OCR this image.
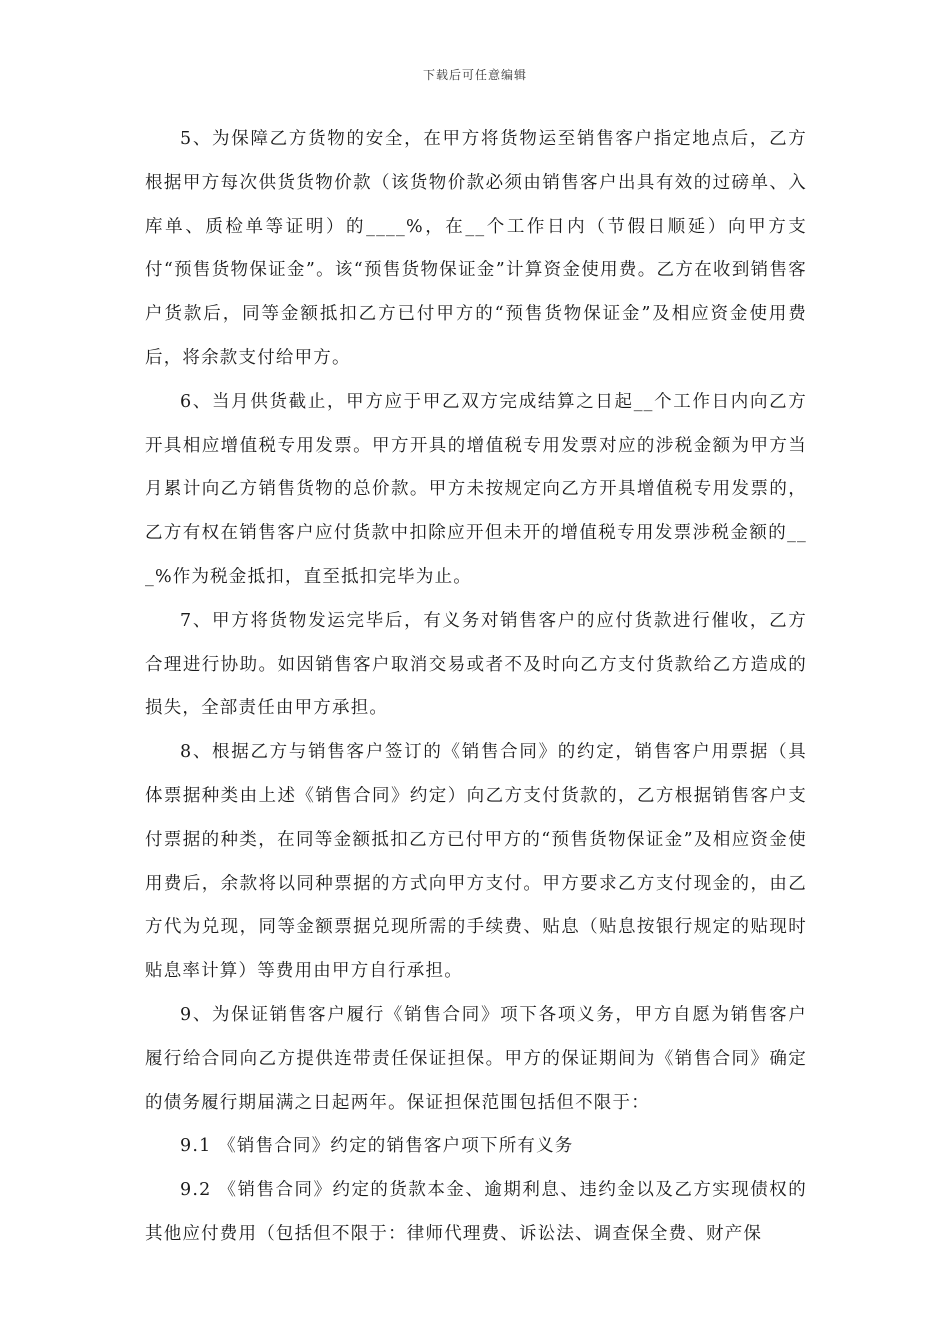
下载后可任意编辑

5、为保障乙方货物的安全，在甲方将货物运至销售客户指定地点后，乙方根据甲方每次供货货物价款（该货物价款必须由销售客户出具有效的过磅单、入库单、质检单等证明）的____%，在__个工作日内（节假日顺延）向甲方支付“预售货物保证金”。该“预售货物保证金”计算资金使用费。乙方在收到销售客户货款后，同等金额抵扣乙方已付甲方的“预售货物保证金”及相应资金使用费后，将余款支付给甲方。

6、当月供货截止，甲方应于甲乙双方完成结算之日起__个工作日内向乙方开具相应增值税专用发票。甲方开具的增值税专用发票对应的涉税金额为甲方当月累计向乙方销售货物的总价款。甲方未按规定向乙方开具增值税专用发票的，乙方有权在销售客户应付货款中扣除应开但未开的增值税专用发票涉税金额的___%作为税金抵扣，直至抵扣完毕为止。

7、甲方将货物发运完毕后，有义务对销售客户的应付货款进行催收，乙方合理进行协助。如因销售客户取消交易或者不及时向乙方支付货款给乙方造成的损失，全部责任由甲方承担。

8、根据乙方与销售客户签订的《销售合同》的约定，销售客户用票据（具体票据种类由上述《销售合同》约定）向乙方支付货款的，乙方根据销售客户支付票据的种类，在同等金额抵扣乙方已付甲方的“预售货物保证金”及相应资金使用费后，余款将以同种票据的方式向甲方支付。甲方要求乙方支付现金的，由乙方代为兑现，同等金额票据兑现所需的手续费、贴息（贴息按银行规定的贴现时贴息率计算）等费用由甲方自行承担。

9、为保证销售客户履行《销售合同》项下各项义务，甲方自愿为销售客户履行给合同向乙方提供连带责任保证担保。甲方的保证期间为《销售合同》确定的债务履行期届满之日起两年。保证担保范围包括但不限于：

9.1 《销售合同》约定的销售客户项下所有义务

9.2 《销售合同》约定的货款本金、逾期利息、违约金以及乙方实现债权的其他应付费用（包括但不限于：律师代理费、诉讼法、调查保全费、财产保
